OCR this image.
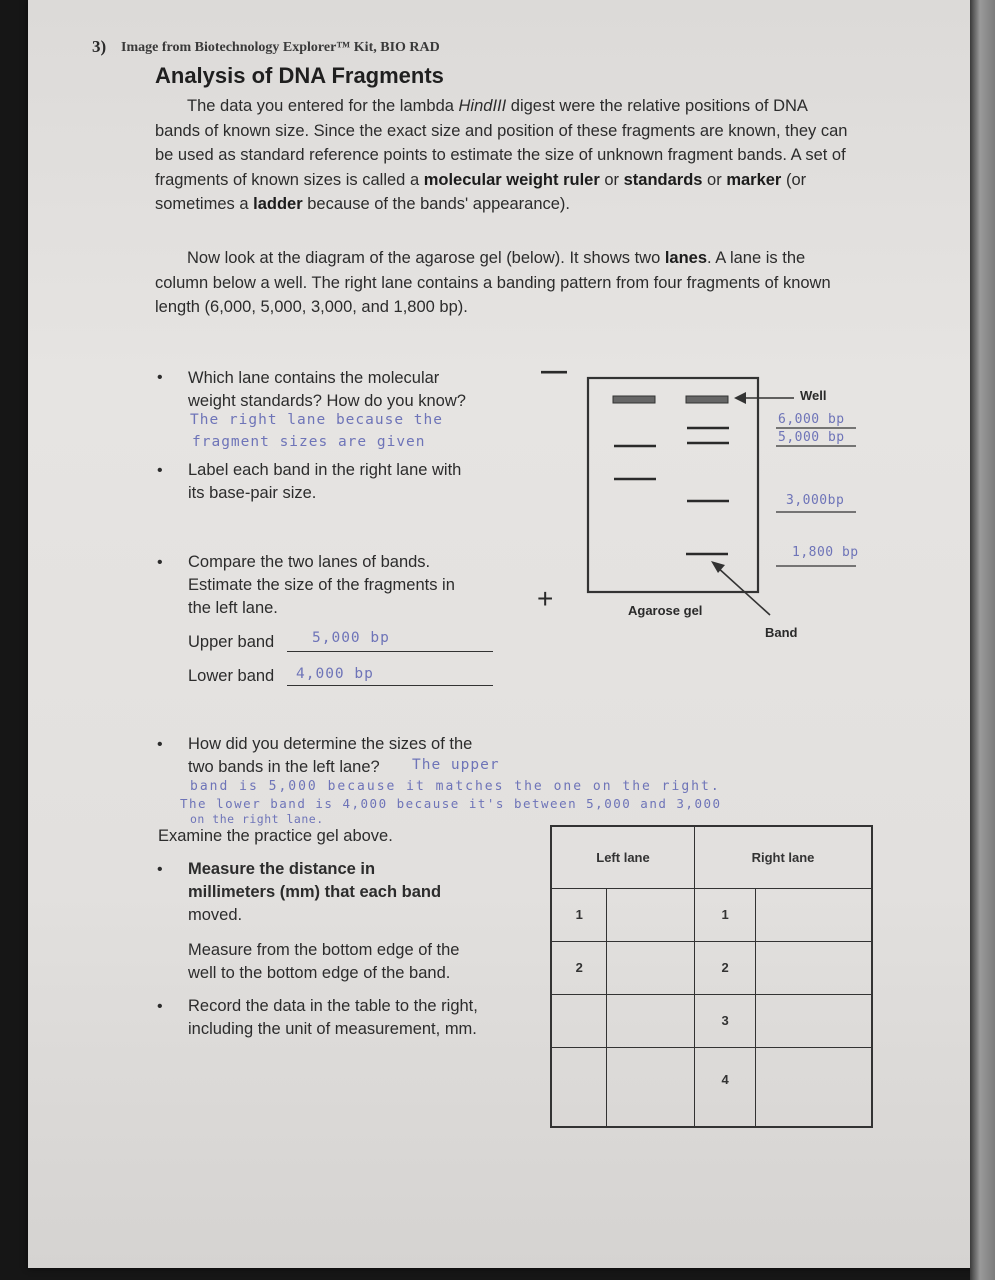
3) Image from Biotechnology Explorer™ Kit, BIO RAD
Analysis of DNA Fragments
The data you entered for the lambda HindIII digest were the relative positions of DNA bands of known size. Since the exact size and position of these fragments are known, they can be used as standard reference points to estimate the size of unknown fragment bands. A set of fragments of known sizes is called a molecular weight ruler or standards or marker (or sometimes a ladder because of the bands' appearance).
Now look at the diagram of the agarose gel (below). It shows two lanes. A lane is the column below a well. The right lane contains a banding pattern from four fragments of known length (6,000, 5,000, 3,000, and 1,800 bp).
• Which lane contains the molecular
weight standards? How do you know?
The right lane because the
fragment sizes are given
• Label each band in the right lane with
its base-pair size.
• Compare the two lanes of bands.
Estimate the size of the fragments in
the left lane.
Upper band	5,000 bp
Lower band 4,000 bp
• How did you determine the sizes of the
two bands in the left lane? The upper
band is 5,000 because it matches the one on the right.
The lower band is 4,000 because it's between 5,000 and 3,000
on the right lane.
Examine the practice gel above.
• Measure the distance in
millimeters (mm) that each band
moved.
Measure from the bottom edge of the
well to the bottom edge of the band.
• Record the data in the table to the right,
including the unit of measurement, mm.
—
+
Well
Agarose gel
Band
6,000 bp
5,000 bp
3,000bp
1,800 bp
Left lane		Right lane	
1		1	
2		2	
		3	
		4	
